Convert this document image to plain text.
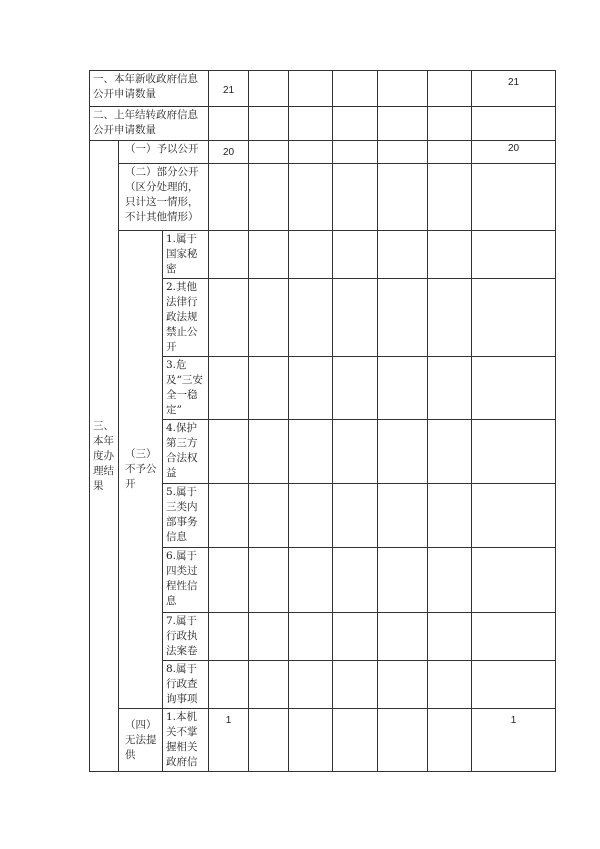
一、本年新收政府信息公开申请数量			21						21
二、上年结转政府信息公开申请数量									
三、本年度办理结果	（一）予以公开		20						20
	（二）部分公开（区分处理的，只计这一情形，不计其他情形）								
	（三）不予公开	1.属于国家秘密							
		2.其他法律行政法规禁止公开							
		3.危及“三安全一稳定”							
		4.保护第三方合法权益							
		5.属于三类内部事务信息							
		6.属于四类过程性信息							
		7.属于行政执法案卷							
		8.属于行政查询事项							
	（四）无法提供	1.本机关不掌握相关政府信	1						1
